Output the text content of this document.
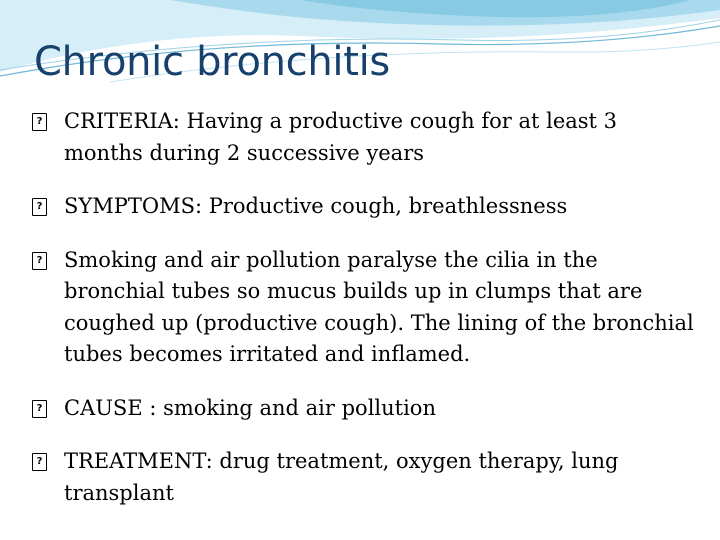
Chronic bronchitis
? CRITERIA: Having a productive cough for at least 3 months during 2 successive years
? SYMPTOMS: Productive cough, breathlessness
? Smoking and air pollution paralyse the cilia in the bronchial tubes so mucus builds up in clumps that are coughed up (productive cough). The lining of the bronchial tubes becomes irritated and inflamed.
? CAUSE : smoking and air pollution
? TREATMENT: drug treatment, oxygen therapy, lung transplant
